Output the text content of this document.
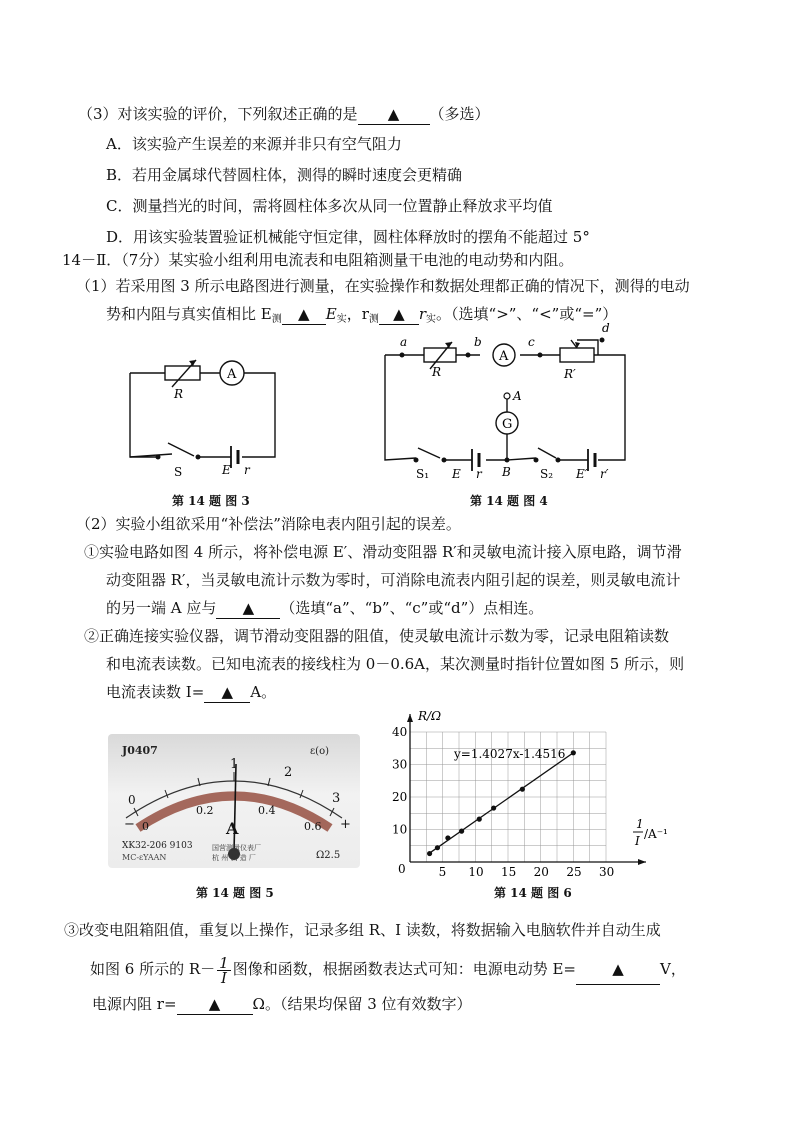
（3）对该实验的评价，下列叙述正确的是 ▲ （多选）
A．该实验产生误差的来源并非只有空气阻力
B．若用金属球代替圆柱体，测得的瞬时速度会更精确
C．测量挡光的时间，需将圆柱体多次从同一位置静止释放求平均值
D．用该实验装置验证机械能守恒定律，圆柱体释放时的摆角不能超过 5°
14－Ⅱ．（7分）某实验小组利用电流表和电阻箱测量干电池的电动势和内阻。
（1）若采用图 3 所示电路图进行测量，在实验操作和数据处理都正确的情况下，测得的电动
势和内阻与真实值相比 $E_测$ ▲ $E_实$，$r_测$ ▲ $r_实$。（选填“>”、“<”或“=”）
R
A
S	E r
第 14 题 图 3
a
R
b
A
c
d
R′
A
G
S₁ E r B S₂ E′ r′
第 14 题 图 4
（2）实验小组欲采用“补偿法”消除电表内阻引起的误差。
①实验电路如图 4 所示，将补偿电源 E′、滑动变阻器 R′和灵敏电流计接入原电路，调节滑
动变阻器 R′，当灵敏电流计示数为零时，可消除电流表内阻引起的误差，则灵敏电流计
的另一端 A 应与 ▲ （选填“a”、“b”、“c”或“d”）点相连。
②正确连接实验仪器，调节滑动变阻器的阻值，使灵敏电流计示数为零，记录电阻箱读数
和电流表读数。已知电流表的接线柱为 0－0.6A，某次测量时指针位置如图 5 所示，则
电流表读数 I= ▲ A。
J0407	ε(o)
0
1
2
3
0
0.2	0.4
0.6
−	+
A
XK32-206 9103
MC-εYAAN
国营测量仪表厂
杭 州 制 造 厂	Ω2.5
第 14 题 图 5
5 10 15 20 25 30
10
20
30
40
R/Ω
0
y=1.4027x-1.4516
1
I /A⁻¹
第 14 题 图 6
③改变电阻箱阻值，重复以上操作，记录多组 R、I 读数，将数据输入电脑软件并自动生成
如图 6 所示的 $R- \frac{1}{I}$ 图像和函数，根据函数表达式可知：电源电动势 E= ▲ V，
电源内阻 r= ▲ Ω。（结果均保留 3 位有效数字）
